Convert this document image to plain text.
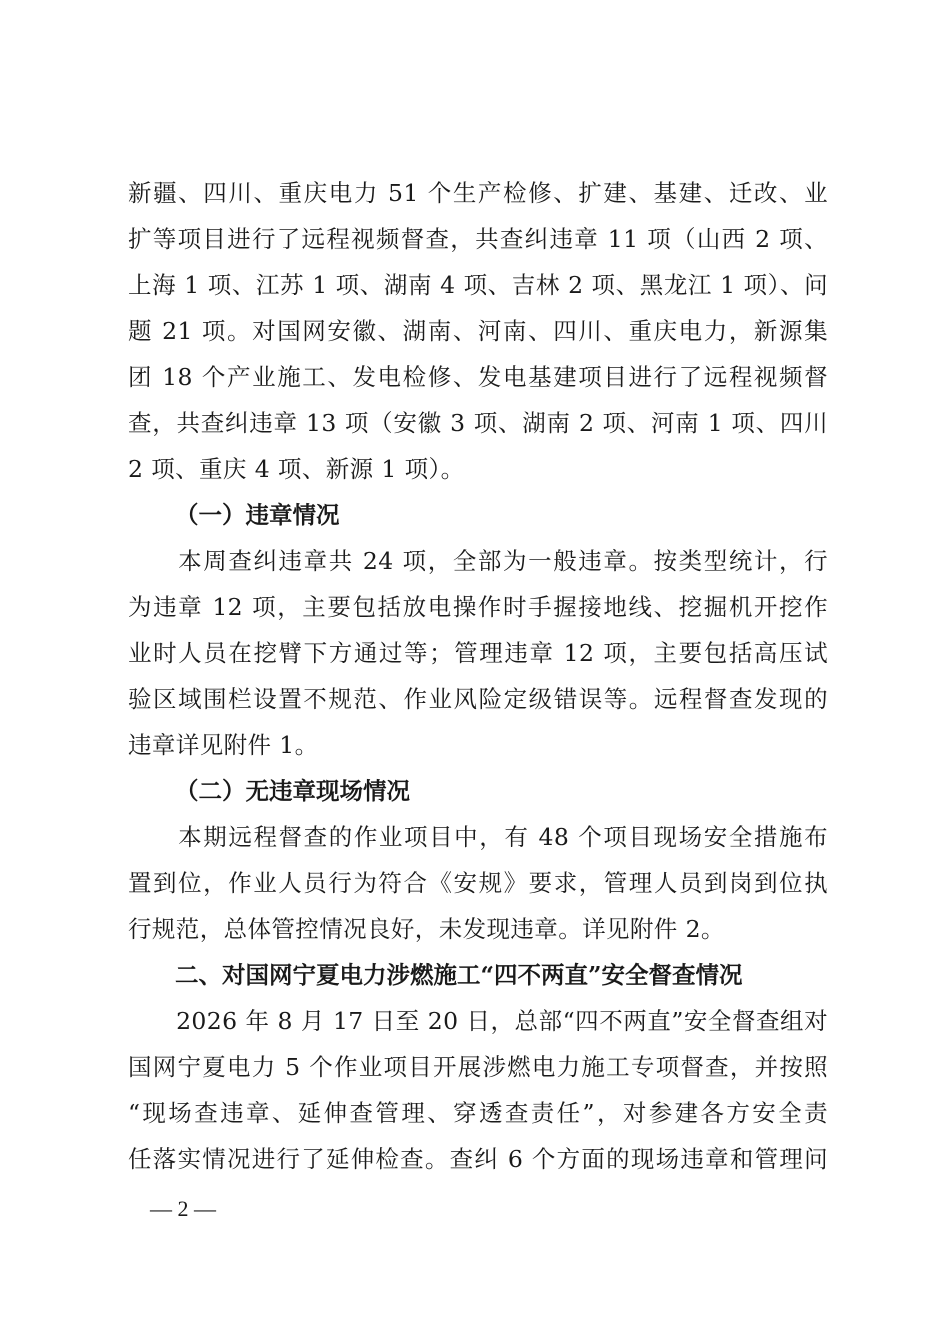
新疆、四川、重庆电力 51 个生产检修、扩建、基建、迁改、业
扩等项目进行了远程视频督查，共查纠违章 11 项（山西 2 项、
上海 1 项、江苏 1 项、湖南 4 项、吉林 2 项、黑龙江 1 项）、问
题 21 项。对国网安徽、湖南、河南、四川、重庆电力，新源集
团 18 个产业施工、发电检修、发电基建项目进行了远程视频督
查，共查纠违章 13 项（安徽 3 项、湖南 2 项、河南 1 项、四川
2 项、重庆 4 项、新源 1 项）。
（一）违章情况
　　本周查纠违章共 24 项，全部为一般违章。按类型统计，行
为违章 12 项，主要包括放电操作时手握接地线、挖掘机开挖作
业时人员在挖臂下方通过等；管理违章 12 项，主要包括高压试
验区域围栏设置不规范、作业风险定级错误等。远程督查发现的
违章详见附件 1。
（二）无违章现场情况
　　本期远程督查的作业项目中，有 48 个项目现场安全措施布
置到位，作业人员行为符合《安规》要求，管理人员到岗到位执
行规范，总体管控情况良好，未发现违章。详见附件 2。
二、对国网宁夏电力涉燃施工“四不两直”安全督查情况
　　2026 年 8 月 17 日至 20 日，总部“四不两直”安全督查组对
国网宁夏电力 5 个作业项目开展涉燃电力施工专项督查，并按照
“现场查违章、延伸查管理、穿透查责任”，对参建各方安全责
任落实情况进行了延伸检查。查纠 6 个方面的现场违章和管理问
— 2 —
